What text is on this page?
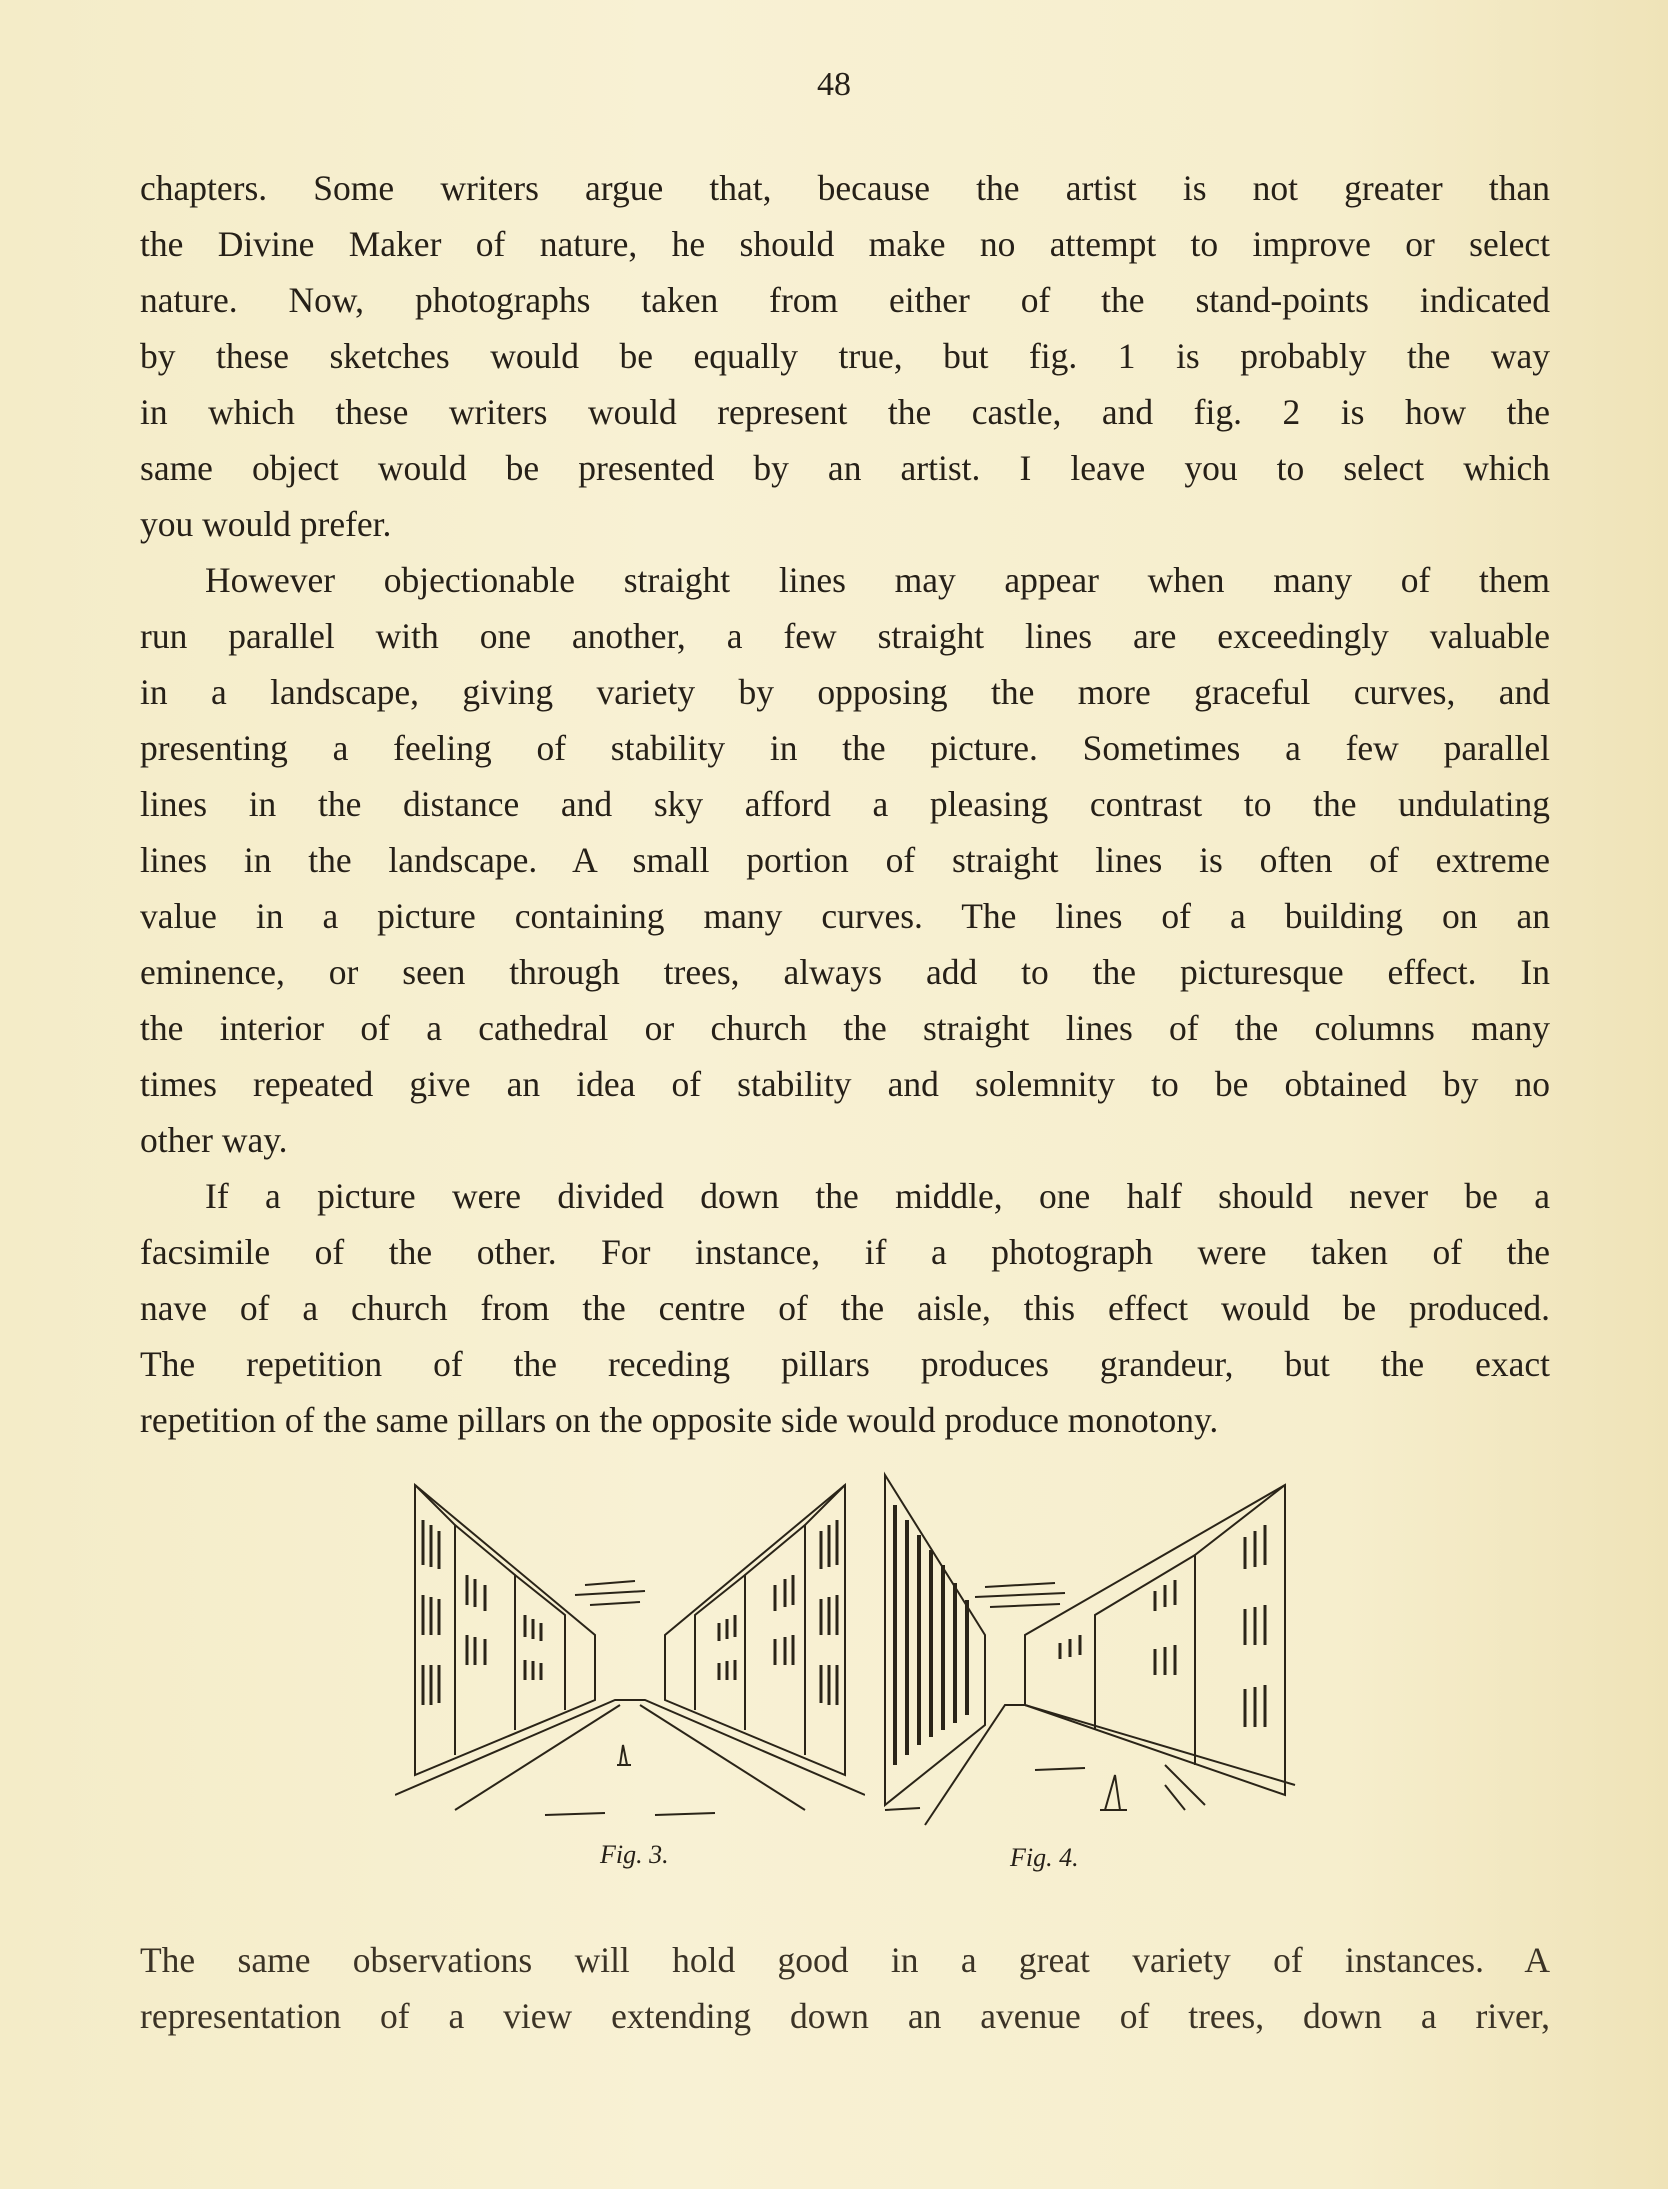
48
chapters. Some writers argue that, because the artist is not greater than
the Divine Maker of nature, he should make no attempt to improve or select
nature. Now, photographs taken from either of the stand-points indicated
by these sketches would be equally true, but fig. 1 is probably the way
in which these writers would represent the castle, and fig. 2 is how the
same object would be presented by an artist. I leave you to select which
you would prefer.
However objectionable straight lines may appear when many of them
run parallel with one another, a few straight lines are exceedingly valuable
in a landscape, giving variety by opposing the more graceful curves, and
presenting a feeling of stability in the picture. Sometimes a few parallel
lines in the distance and sky afford a pleasing contrast to the undulating
lines in the landscape. A small portion of straight lines is often of extreme
value in a picture containing many curves. The lines of a building on an
eminence, or seen through trees, always add to the picturesque effect. In
the interior of a cathedral or church the straight lines of the columns many
times repeated give an idea of stability and solemnity to be obtained by no
other way.
If a picture were divided down the middle, one half should never be a
facsimile of the other. For instance, if a photograph were taken of the
nave of a church from the centre of the aisle, this effect would be produced.
The repetition of the receding pillars produces grandeur, but the exact
repetition of the same pillars on the opposite side would produce monotony.
Fig. 3.	Fig. 4.
The same observations will hold good in a great variety of instances. A
representation of a view extending down an avenue of trees, down a river,
